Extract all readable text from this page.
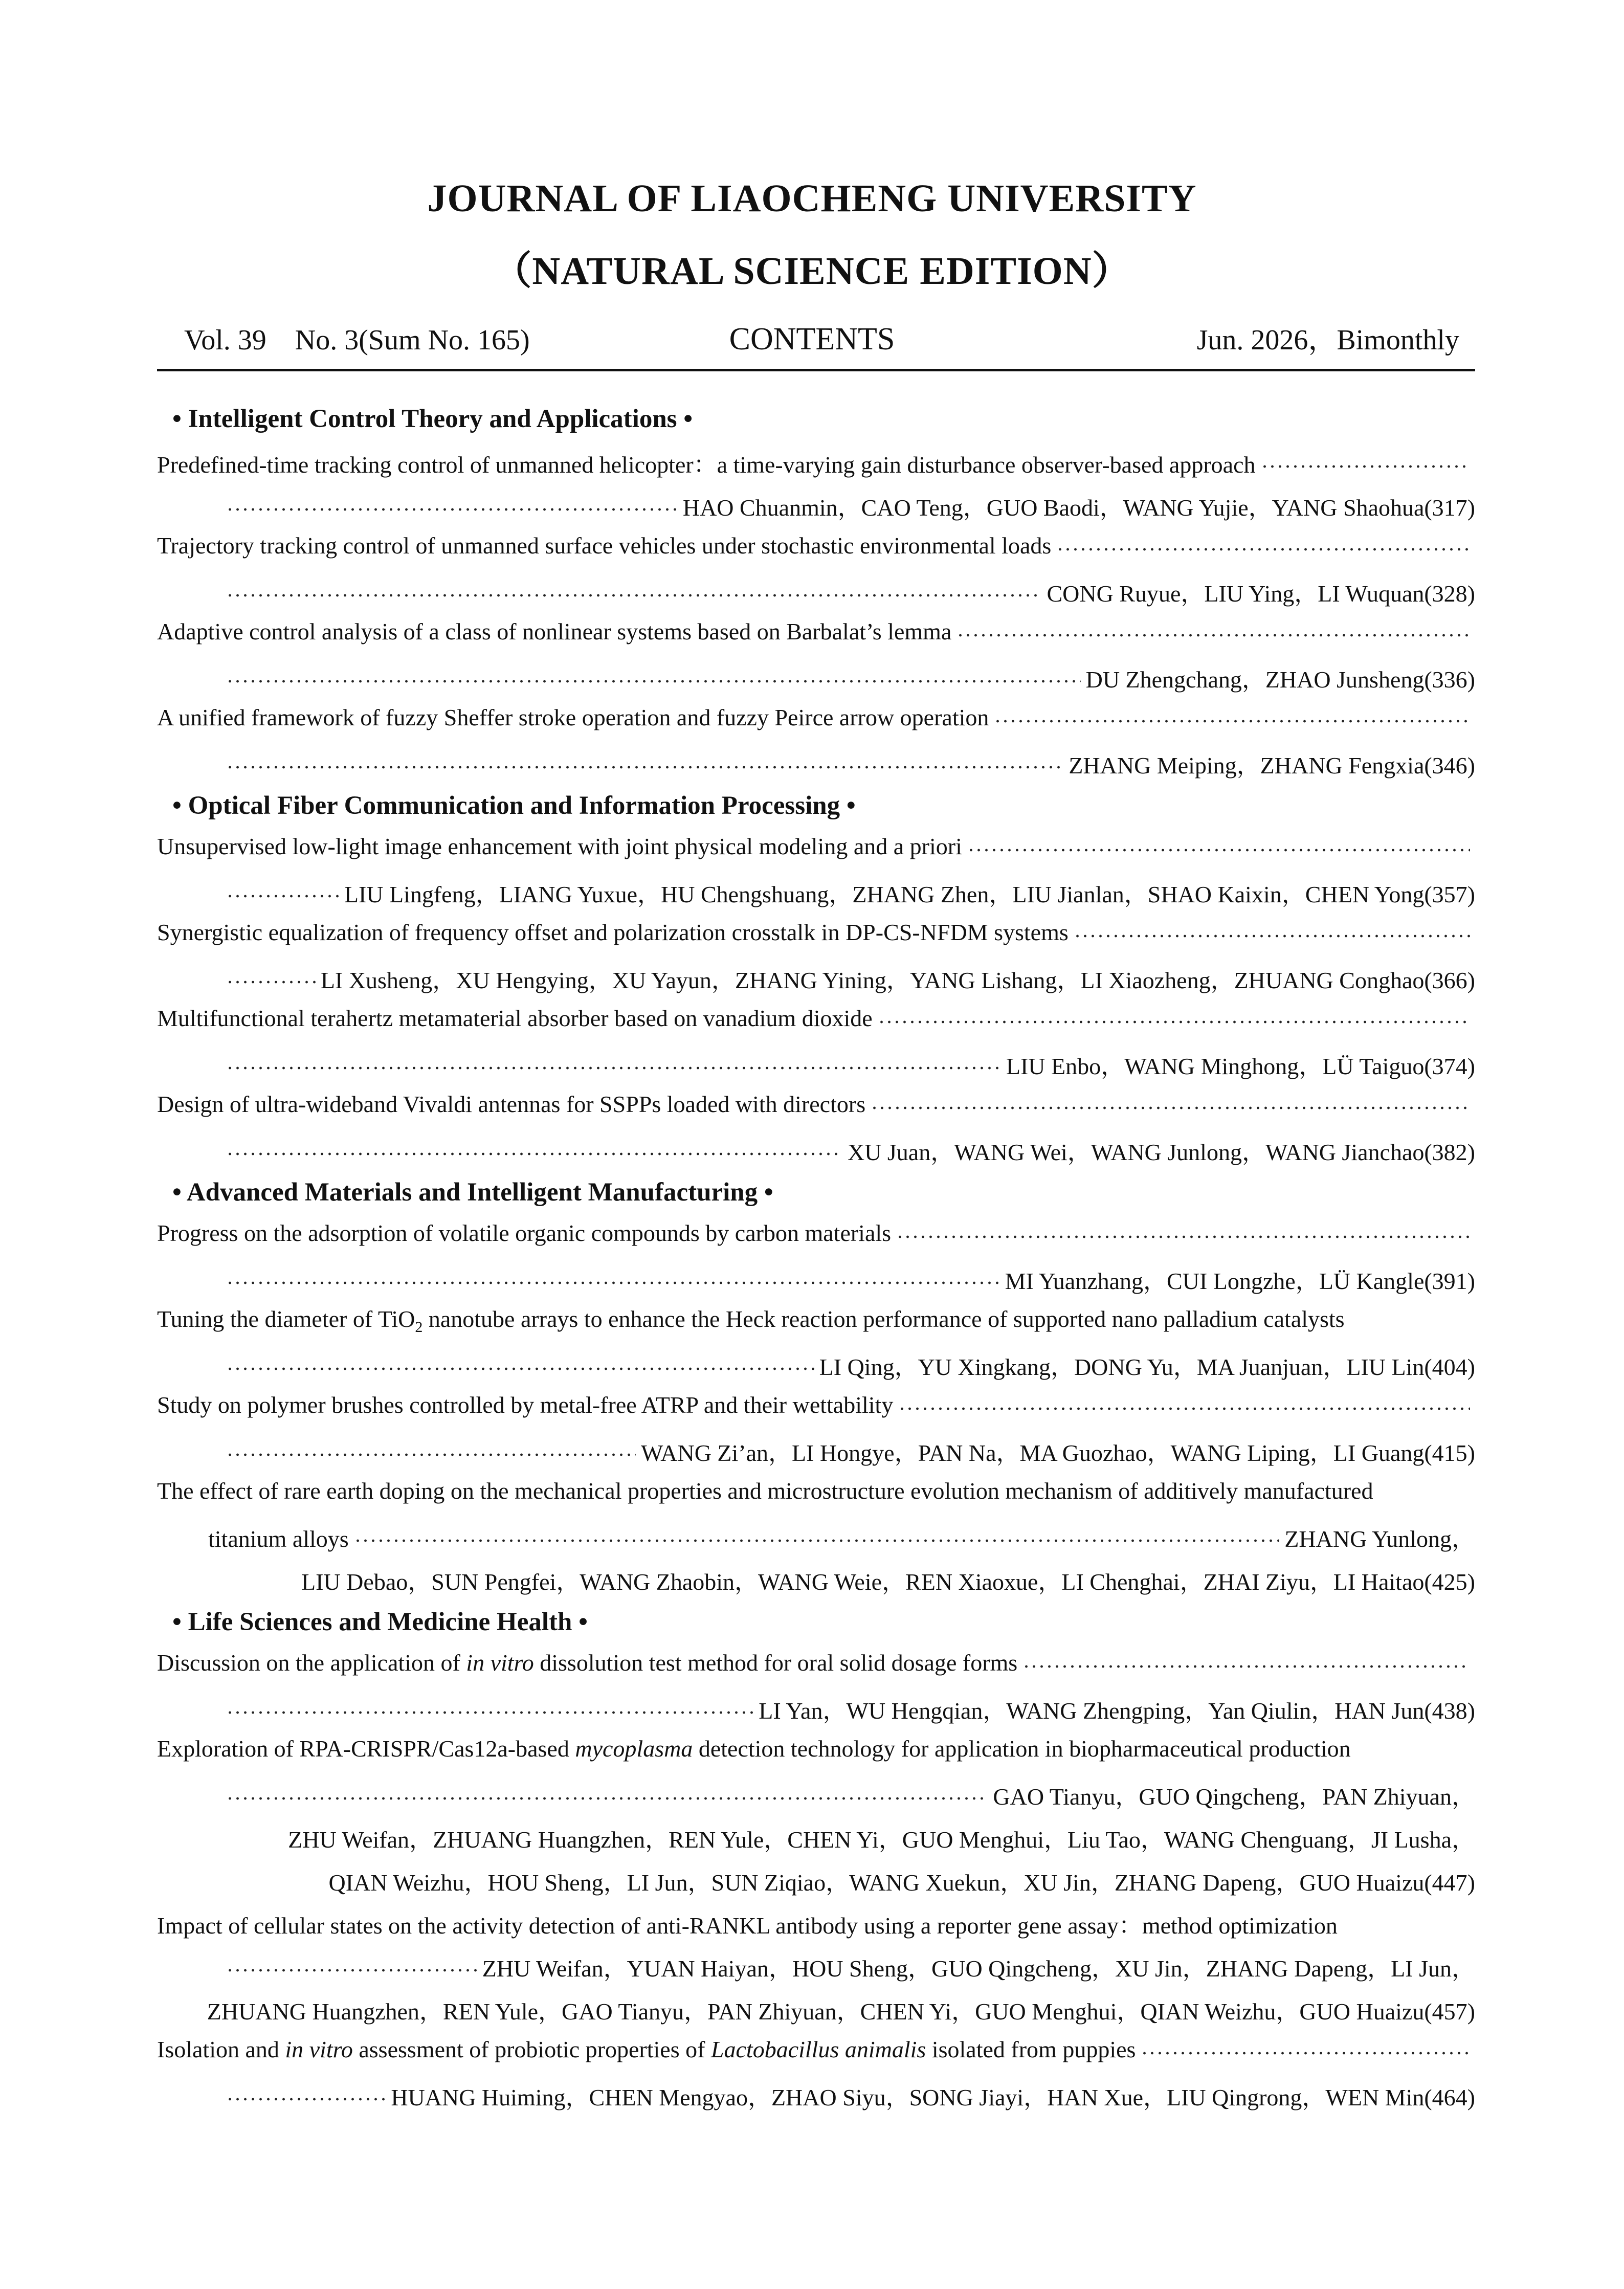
JOURNAL OF LIAOCHENG UNIVERSITY
（NATURAL SCIENCE EDITION）
Vol. 39    No. 3(Sum No. 165)	CONTENTS	Jun. 2026，Bimonthly
• Intelligent Control Theory and Applications •
Predefined-time tracking control of unmanned helicopter：a time-varying gain disturbance observer-based approach
HAO Chuanmin，CAO Teng，GUO Baodi，WANG Yujie，YANG Shaohua(317)
Trajectory tracking control of unmanned surface vehicles under stochastic environmental loads
CONG Ruyue，LIU Ying，LI Wuquan(328)
Adaptive control analysis of a class of nonlinear systems based on Barbalat’s lemma
DU Zhengchang，ZHAO Junsheng(336)
A unified framework of fuzzy Sheffer stroke operation and fuzzy Peirce arrow operation
ZHANG Meiping，ZHANG Fengxia(346)
• Optical Fiber Communication and Information Processing •
Unsupervised low-light image enhancement with joint physical modeling and a priori
LIU Lingfeng，LIANG Yuxue，HU Chengshuang，ZHANG Zhen，LIU Jianlan，SHAO Kaixin，CHEN Yong(357)
Synergistic equalization of frequency offset and polarization crosstalk in DP-CS-NFDM systems
LI Xusheng，XU Hengying，XU Yayun，ZHANG Yining，YANG Lishang，LI Xiaozheng，ZHUANG Conghao(366)
Multifunctional terahertz metamaterial absorber based on vanadium dioxide
LIU Enbo，WANG Minghong，LÜ Taiguo(374)
Design of ultra-wideband Vivaldi antennas for SSPPs loaded with directors
XU Juan，WANG Wei，WANG Junlong，WANG Jianchao(382)
• Advanced Materials and Intelligent Manufacturing •
Progress on the adsorption of volatile organic compounds by carbon materials
MI Yuanzhang，CUI Longzhe，LÜ Kangle(391)
Tuning the diameter of TiO$_2$ nanotube arrays to enhance the Heck reaction performance of supported nano palladium catalysts
LI Qing，YU Xingkang，DONG Yu，MA Juanjuan，LIU Lin(404)
Study on polymer brushes controlled by metal-free ATRP and their wettability
WANG Zi’an，LI Hongye，PAN Na，MA Guozhao，WANG Liping，LI Guang(415)
The effect of rare earth doping on the mechanical properties and microstructure evolution mechanism of additively manufactured
titanium alloys	ZHANG Yunlong，
LIU Debao，SUN Pengfei，WANG Zhaobin，WANG Weie，REN Xiaoxue，LI Chenghai，ZHAI Ziyu，LI Haitao(425)
• Life Sciences and Medicine Health •
Discussion on the application of in vitro dissolution test method for oral solid dosage forms
LI Yan，WU Hengqian，WANG Zhengping，Yan Qiulin，HAN Jun(438)
Exploration of RPA-CRISPR/Cas12a-based mycoplasma detection technology for application in biopharmaceutical production
GAO Tianyu，GUO Qingcheng，PAN Zhiyuan，
ZHU Weifan，ZHUANG Huangzhen，REN Yule，CHEN Yi，GUO Menghui，Liu Tao，WANG Chenguang，JI Lusha，
QIAN Weizhu，HOU Sheng，LI Jun，SUN Ziqiao，WANG Xuekun，XU Jin，ZHANG Dapeng，GUO Huaizu(447)
Impact of cellular states on the activity detection of anti-RANKL antibody using a reporter gene assay：method optimization
ZHU Weifan，YUAN Haiyan，HOU Sheng，GUO Qingcheng，XU Jin，ZHANG Dapeng，LI Jun，
ZHUANG Huangzhen，REN Yule，GAO Tianyu，PAN Zhiyuan，CHEN Yi，GUO Menghui，QIAN Weizhu，GUO Huaizu(457)
Isolation and in vitro assessment of probiotic properties of Lactobacillus animalis isolated from puppies
HUANG Huiming，CHEN Mengyao，ZHAO Siyu，SONG Jiayi，HAN Xue，LIU Qingrong，WEN Min(464)
